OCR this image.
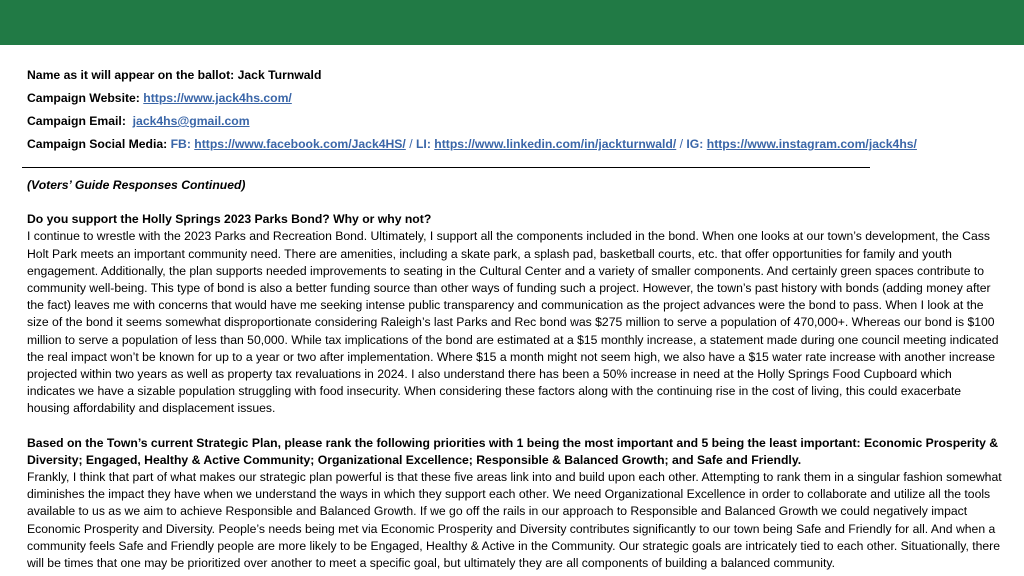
Name as it will appear on the ballot: Jack Turnwald

Campaign Website: https://www.jack4hs.com/

Campaign Email: jack4hs@gmail.com

Campaign Social Media: FB: https://www.facebook.com/Jack4HS/ / LI: https://www.linkedin.com/in/jackturnwald/ / IG: https://www.instagram.com/jack4hs/

(Voters’ Guide Responses Continued)

Do you support the Holly Springs 2023 Parks Bond? Why or why not?

I continue to wrestle with the 2023 Parks and Recreation Bond. Ultimately, I support all the components included in the bond. When one looks at our town’s development, the Cass Holt Park meets an important community need. There are amenities, including a skate park, a splash pad, basketball courts, etc. that offer opportunities for family and youth engagement. Additionally, the plan supports needed improvements to seating in the Cultural Center and a variety of smaller components. And certainly green spaces contribute to community well-being. This type of bond is also a better funding source than other ways of funding such a project. However, the town’s past history with bonds (adding money after the fact) leaves me with concerns that would have me seeking intense public transparency and communication as the project advances were the bond to pass. When I look at the size of the bond it seems somewhat disproportionate considering Raleigh’s last Parks and Rec bond was $275 million to serve a population of 470,000+. Whereas our bond is $100 million to serve a population of less than 50,000. While tax implications of the bond are estimated at a $15 monthly increase, a statement made during one council meeting indicated the real impact won’t be known for up to a year or two after implementation. Where $15 a month might not seem high, we also have a $15 water rate increase with another increase projected within two years as well as property tax revaluations in 2024. I also understand there has been a 50% increase in need at the Holly Springs Food Cupboard which indicates we have a sizable population struggling with food insecurity. When considering these factors along with the continuing rise in the cost of living, this could exacerbate housing affordability and displacement issues.

Based on the Town’s current Strategic Plan, please rank the following priorities with 1 being the most important and 5 being the least important: Economic Prosperity & Diversity; Engaged, Healthy & Active Community; Organizational Excellence; Responsible & Balanced Growth; and Safe and Friendly.

Frankly, I think that part of what makes our strategic plan powerful is that these five areas link into and build upon each other. Attempting to rank them in a singular fashion somewhat diminishes the impact they have when we understand the ways in which they support each other. We need Organizational Excellence in order to collaborate and utilize all the tools available to us as we aim to achieve Responsible and Balanced Growth. If we go off the rails in our approach to Responsible and Balanced Growth we could negatively impact Economic Prosperity and Diversity. People’s needs being met via Economic Prosperity and Diversity contributes significantly to our town being Safe and Friendly for all. And when a community feels Safe and Friendly people are more likely to be Engaged, Healthy & Active in the Community. Our strategic goals are intricately tied to each other. Situationally, there will be times that one may be prioritized over another to meet a specific goal, but ultimately they are all components of building a balanced community.
